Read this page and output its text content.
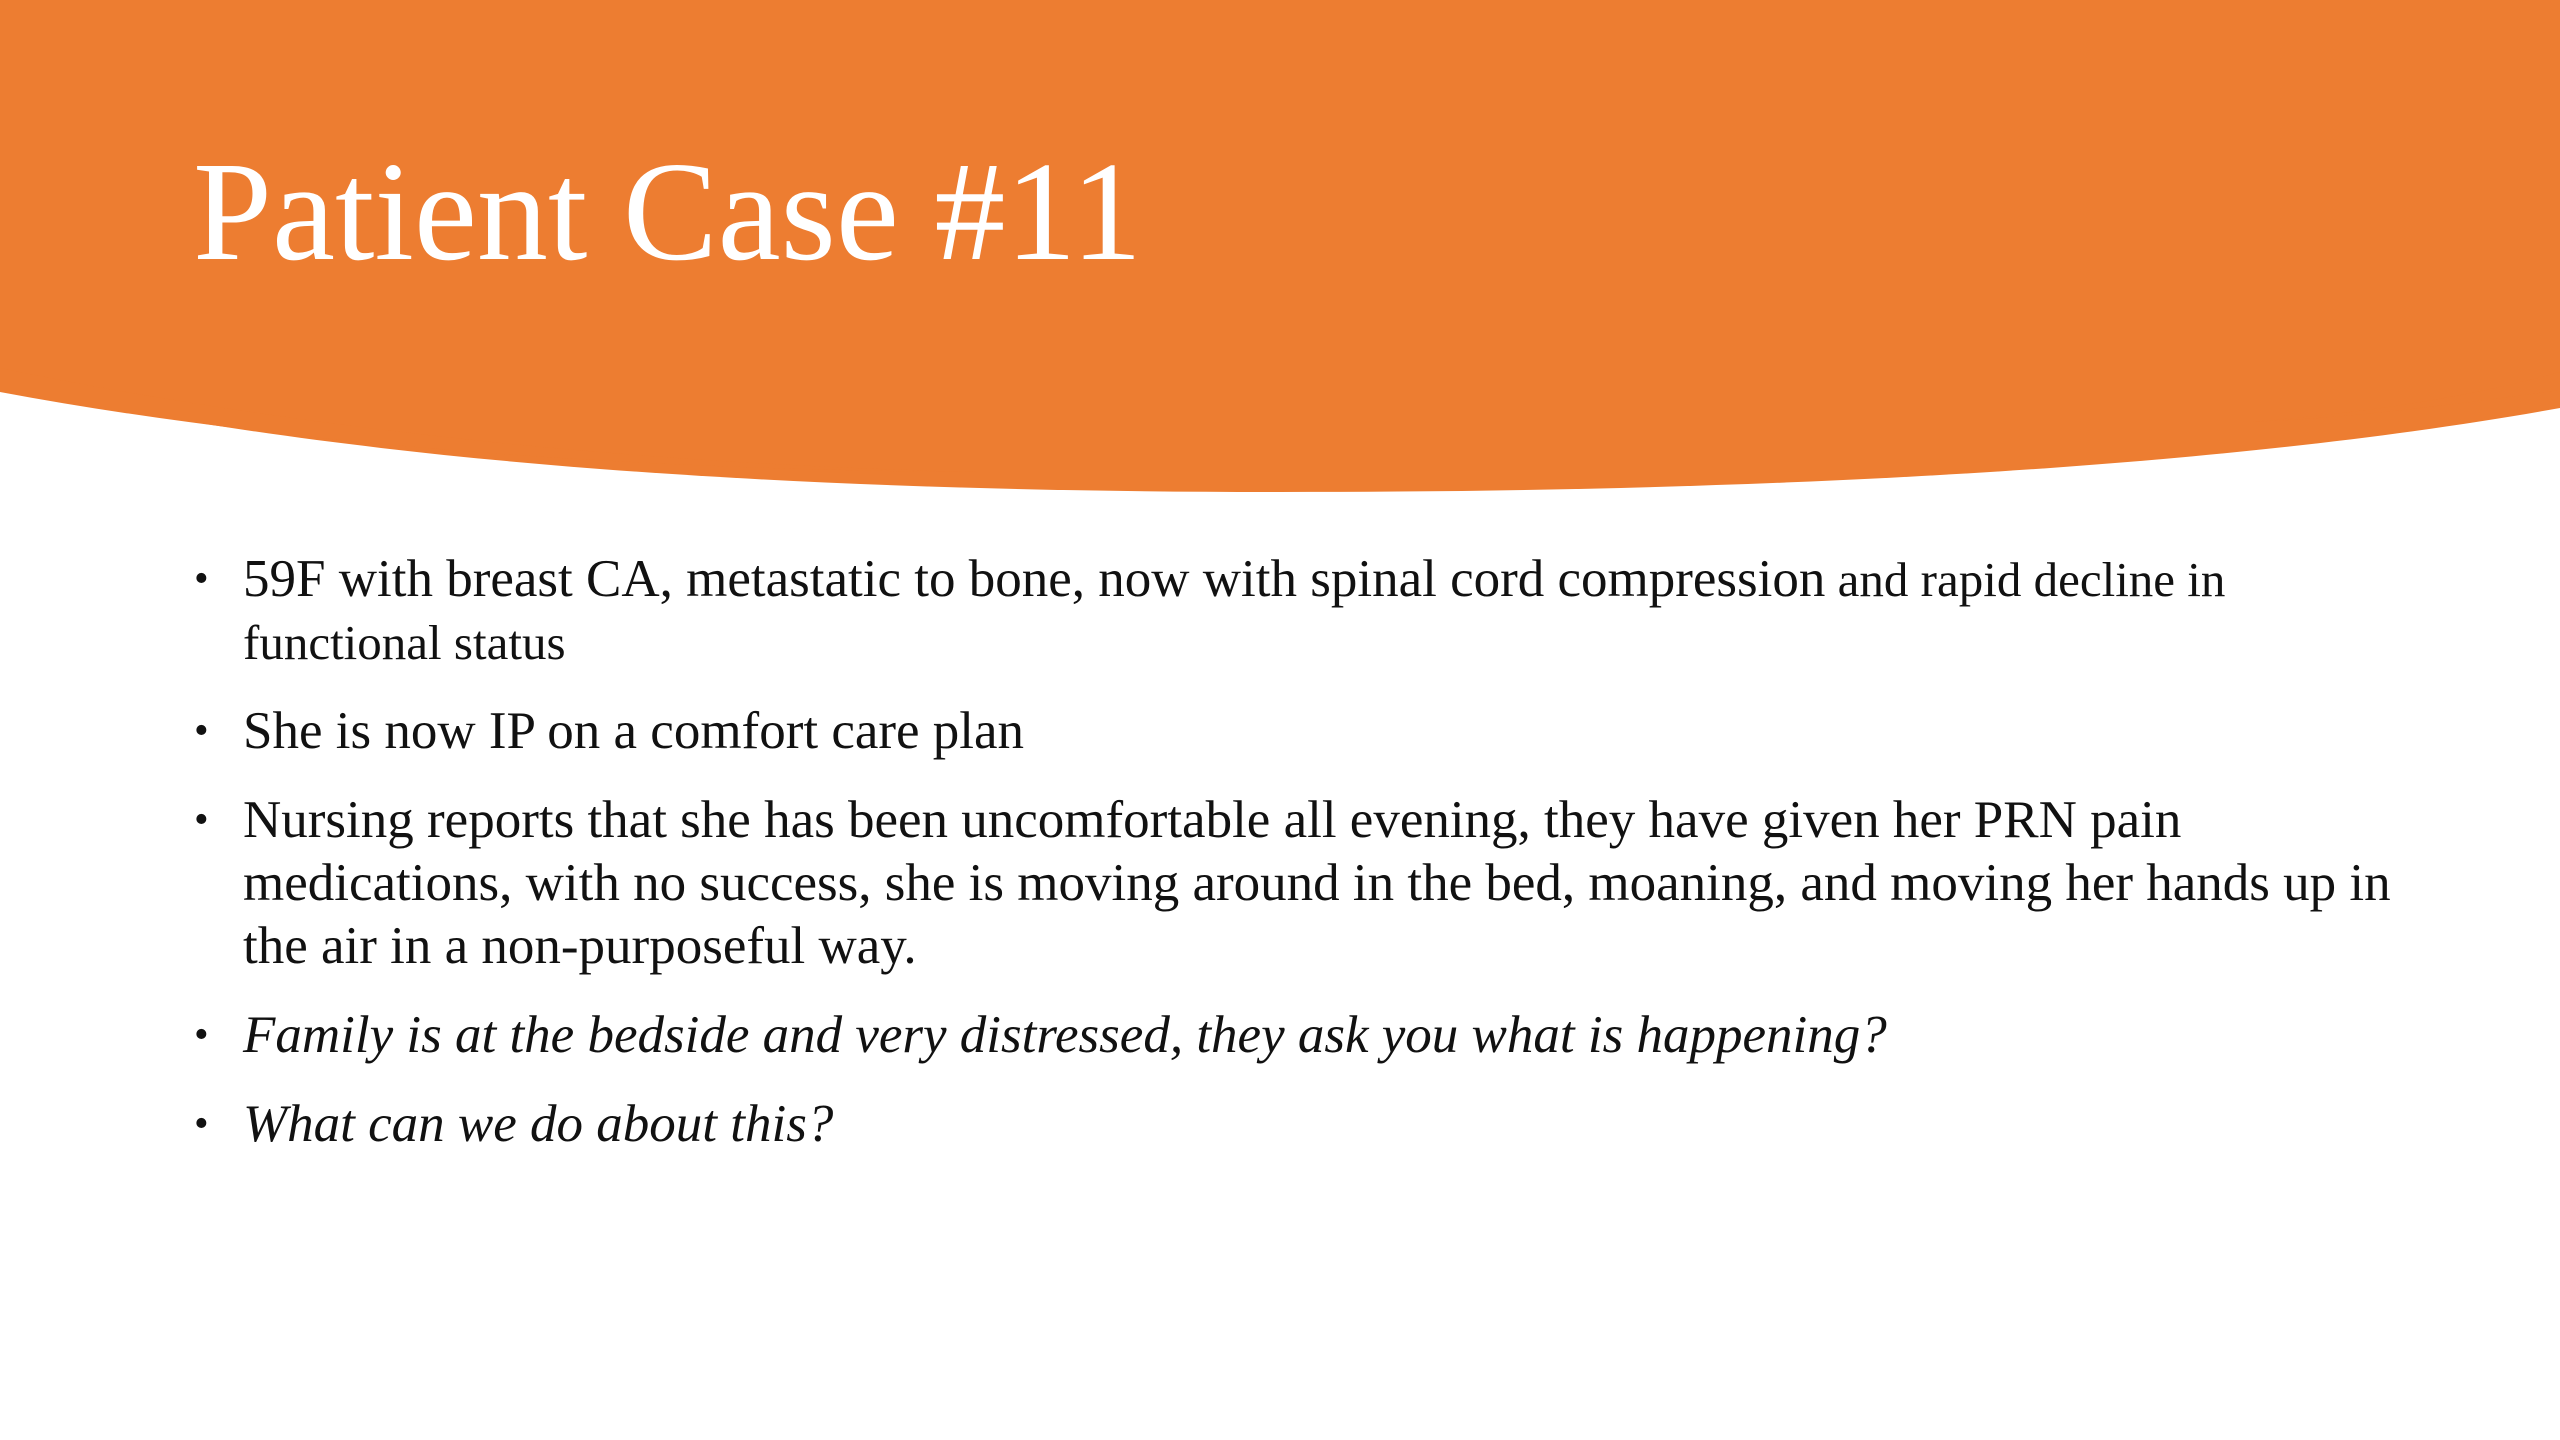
Patient Case #11
• 59F with breast CA, metastatic to bone, now with spinal cord compression and rapid decline in functional status
• She is now IP on a comfort care plan
• Nursing reports that she has been uncomfortable all evening, they have given her PRN pain medications, with no success, she is moving around in the bed, moaning, and moving her hands up in the air in a non-purposeful way.
• Family is at the bedside and very distressed, they ask you what is happening?
• What can we do about this?
